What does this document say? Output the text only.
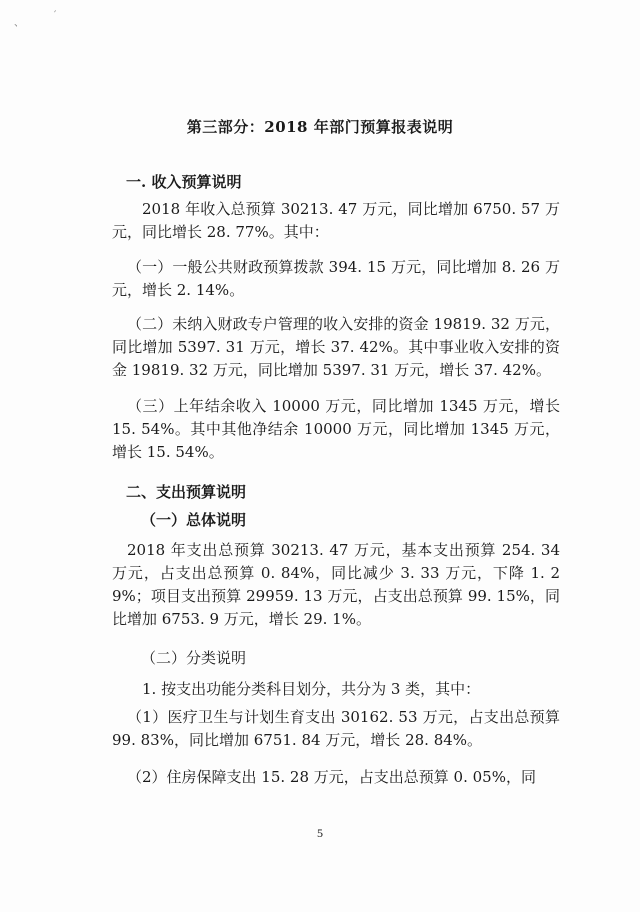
、
′
第三部分：2018 年部门预算报表说明
一. 收入预算说明
2018 年收入总预算 30213. 47 万元，同比增加 6750. 57 万元，同比增长 28. 77%。其中：
（一）一般公共财政预算拨款 394. 15 万元，同比增加 8. 26 万元，增长 2. 14%。
（二）未纳入财政专户管理的收入安排的资金 19819. 32 万元，同比增加 5397. 31 万元，增长 37. 42%。其中事业收入安排的资金 19819. 32 万元，同比增加 5397. 31 万元，增长 37. 42%。
（三）上年结余收入 10000 万元，同比增加 1345 万元，增长 15. 54%。其中其他净结余 10000 万元，同比增加 1345 万元，增长 15. 54%。
二、支出预算说明
（一）总体说明
2018 年支出总预算 30213. 47 万元，基本支出预算 254. 34 万元，占支出总预算 0. 84%，同比减少 3. 33 万元，下降 1. 29%；项目支出预算 29959. 13 万元，占支出总预算 99. 15%，同比增加 6753. 9 万元，增长 29. 1%。
（二）分类说明
1. 按支出功能分类科目划分，共分为 3 类，其中：
（1）医疗卫生与计划生育支出 30162. 53 万元，占支出总预算 99. 83%，同比增加 6751. 84 万元，增长 28. 84%。
（2）住房保障支出 15. 28 万元，占支出总预算 0. 05%，同
5
